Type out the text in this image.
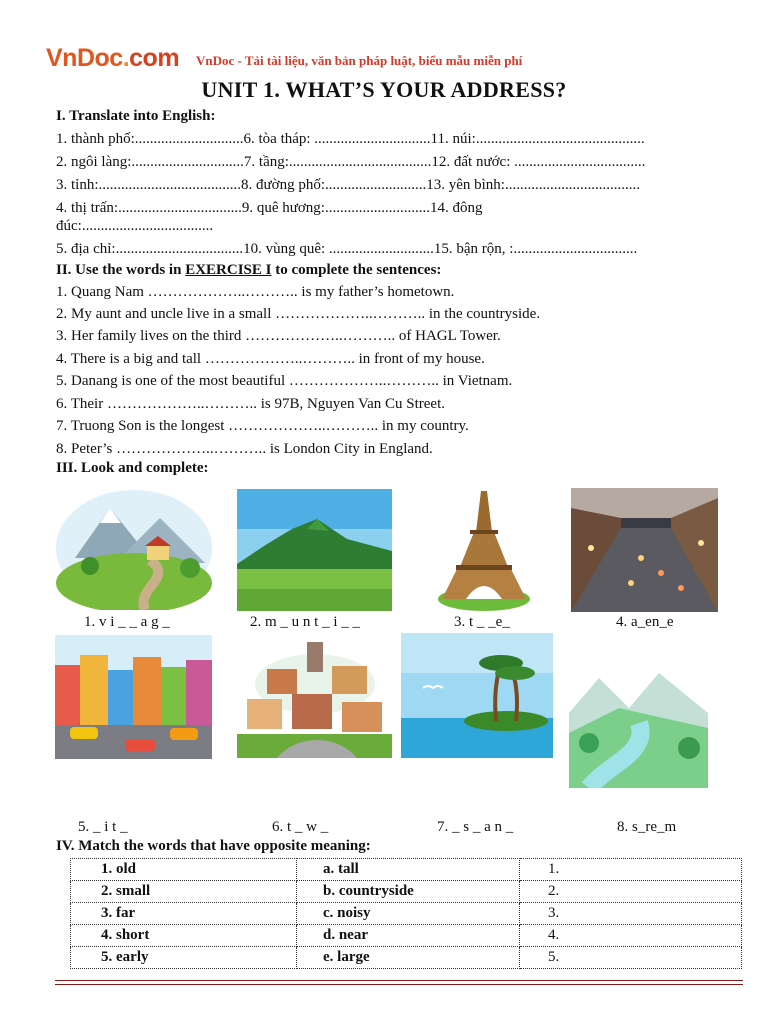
VnDoc.com VnDoc - Tải tài liệu, văn bản pháp luật, biểu mẫu miễn phí
UNIT 1. WHAT’S YOUR ADDRESS?
I. Translate into English:
1. thành phố:.............................6. tòa tháp: ...............................11. núi:.............................................
2. ngôi làng:..............................7. tầng:......................................12. đất nước: ...................................
3. tỉnh:......................................8. đường phố:...........................13. yên bình:....................................
4. thị trấn:.................................9. quê hương:............................14. đông
đúc:...................................
5. địa chỉ:..................................10. vùng quê: ............................15. bận rộn, :.................................
II. Use the words in EXERCISE I to complete the sentences:
1. Quang Nam ………………..……….. is my father’s hometown.
2. My aunt and uncle live in a small ………………..……….. in the countryside.
3. Her family lives on the third ………………..……….. of HAGL Tower.
4. There is a big and tall ………………..……….. in front of my house.
5. Danang is one of the most beautiful ………………..……….. in Vietnam.
6. Their ………………..……….. is 97B, Nguyen Van Cu Street.
7. Truong Son is the longest ………………..……….. in my country.
8. Peter’s ………………..……….. is London City in England.
III. Look and complete:
1. v i _ _ a g _	2. m _ u n t _ i _ _	3. t _ _e_	4. a_en_e
5. _ i t _	6. t _ w _	7. _ s _ a n _	8. s_re_m
IV. Match the words that have opposite meaning:
1. old	a. tall	1.
2. small	b. countryside	2.
3. far	c. noisy	3.
4. short	d. near	4.
5. early	e. large	5.
